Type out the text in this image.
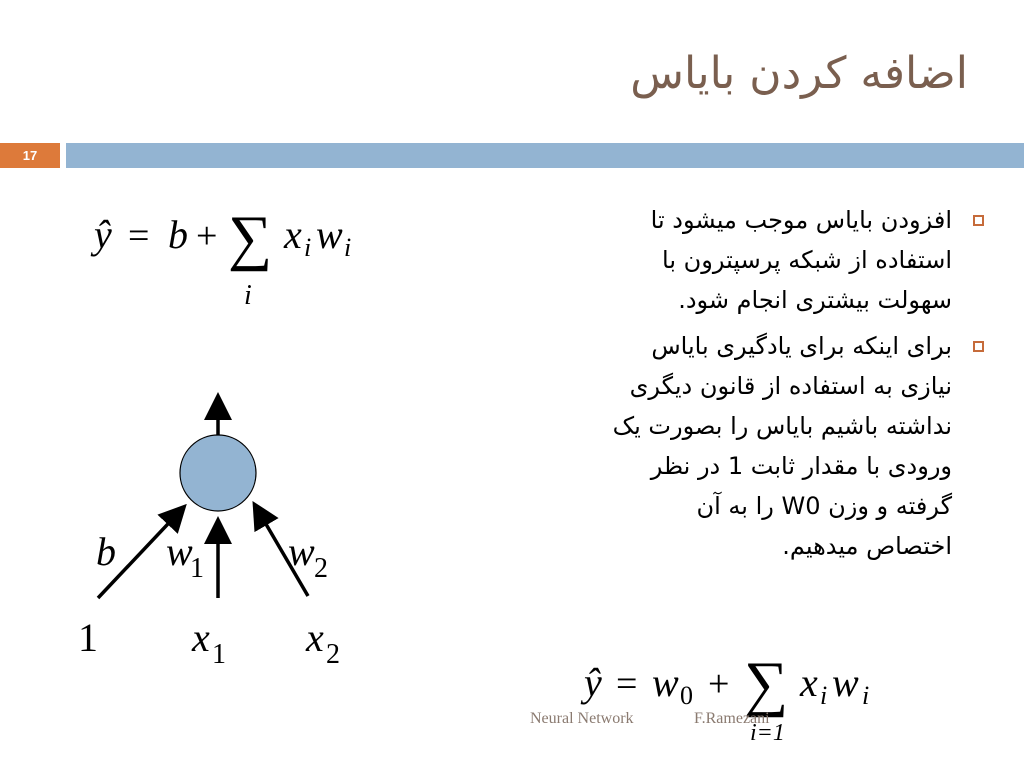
اضافه کردن بایاس
17
ŷ = b + ∑
i
x i w i
b w
1 w 2
1 x 1 x 2
افزودن بایاس موجب میشود تا
استفاده از شبکه پرسپترون با
سهولت بیشتری انجام شود.
برای اینکه برای یادگیری بایاس
نیازی به استفاده از قانون دیگری
نداشته باشیم بایاس را بصورت یک
ورودی با مقدار ثابت 1 در نظر
گرفته و وزن W0 را به آن
اختصاص میدهیم.
ŷ = w 0 + ∑
i=1
x i w i
Neural Network	F.Ramezani
